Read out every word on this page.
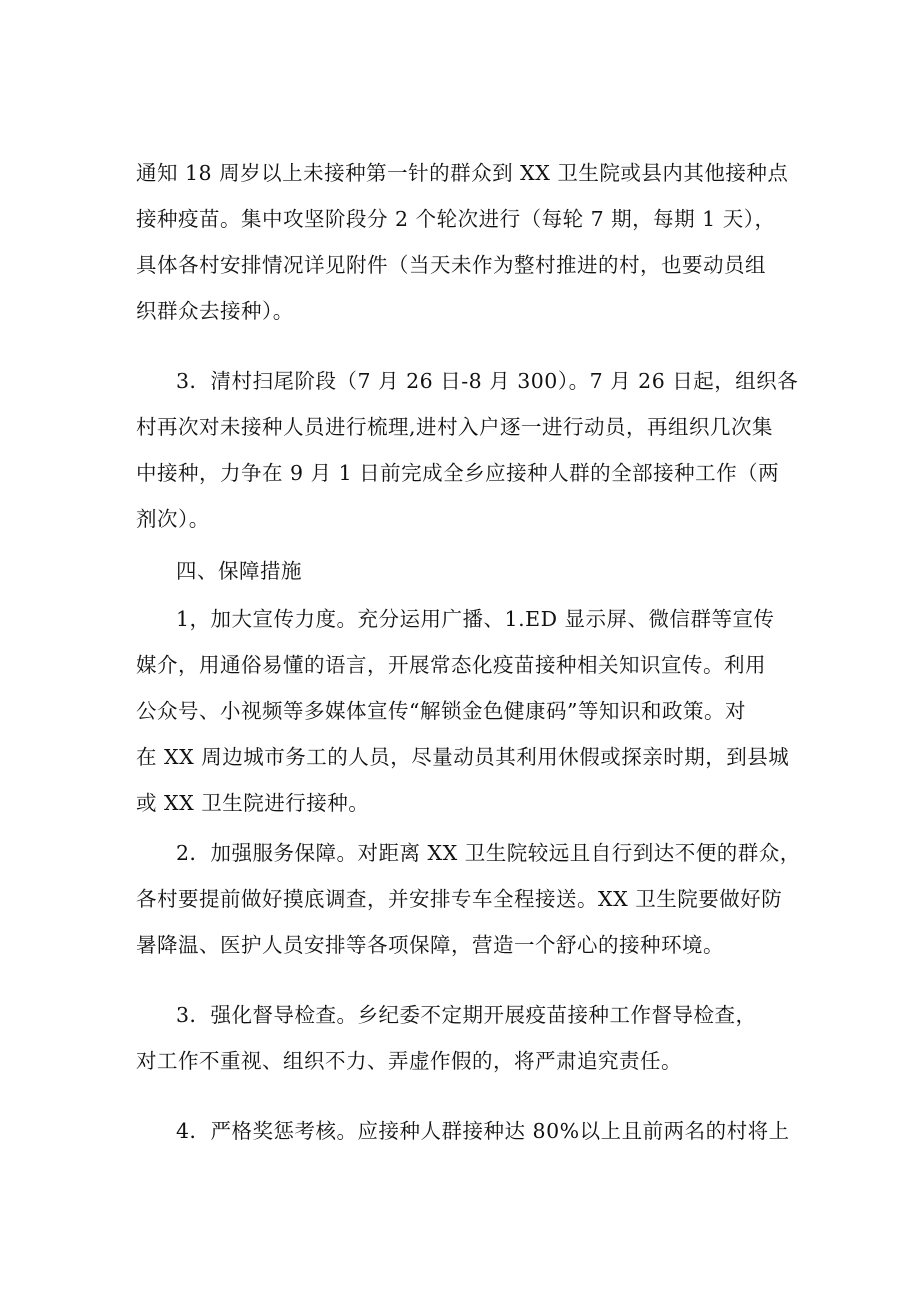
通知 18 周岁以上未接种第一针的群众到 XX 卫生院或县内其他接种点
接种疫苗。集中攻坚阶段分 2 个轮次进行（每轮 7 期，每期 1 天），
具体各村安排情况详见附件（当天未作为整村推进的村，也要动员组
织群众去接种）。
3．清村扫尾阶段（7 月 26 日-8 月 300）。7 月 26 日起，组织各
村再次对未接种人员进行梳理,进村入户逐一进行动员，再组织几次集
中接种，力争在 9 月 1 日前完成全乡应接种人群的全部接种工作（两
剂次）。
四、保障措施
1，加大宣传力度。充分运用广播、1.ED 显示屏、微信群等宣传
媒介，用通俗易懂的语言，开展常态化疫苗接种相关知识宣传。利用
公众号、小视频等多媒体宣传“解锁金色健康码”等知识和政策。对
在 XX 周边城市务工的人员，尽量动员其利用休假或探亲时期，到县城
或 XX 卫生院进行接种。
2．加强服务保障。对距离 XX 卫生院较远且自行到达不便的群众，
各村要提前做好摸底调查，并安排专车全程接送。XX 卫生院要做好防
暑降温、医护人员安排等各项保障，营造一个舒心的接种环境。
3．强化督导检查。乡纪委不定期开展疫苗接种工作督导检查，
对工作不重视、组织不力、弄虚作假的，将严肃追究责任。
4．严格奖惩考核。应接种人群接种达 80%以上且前两名的村将上
